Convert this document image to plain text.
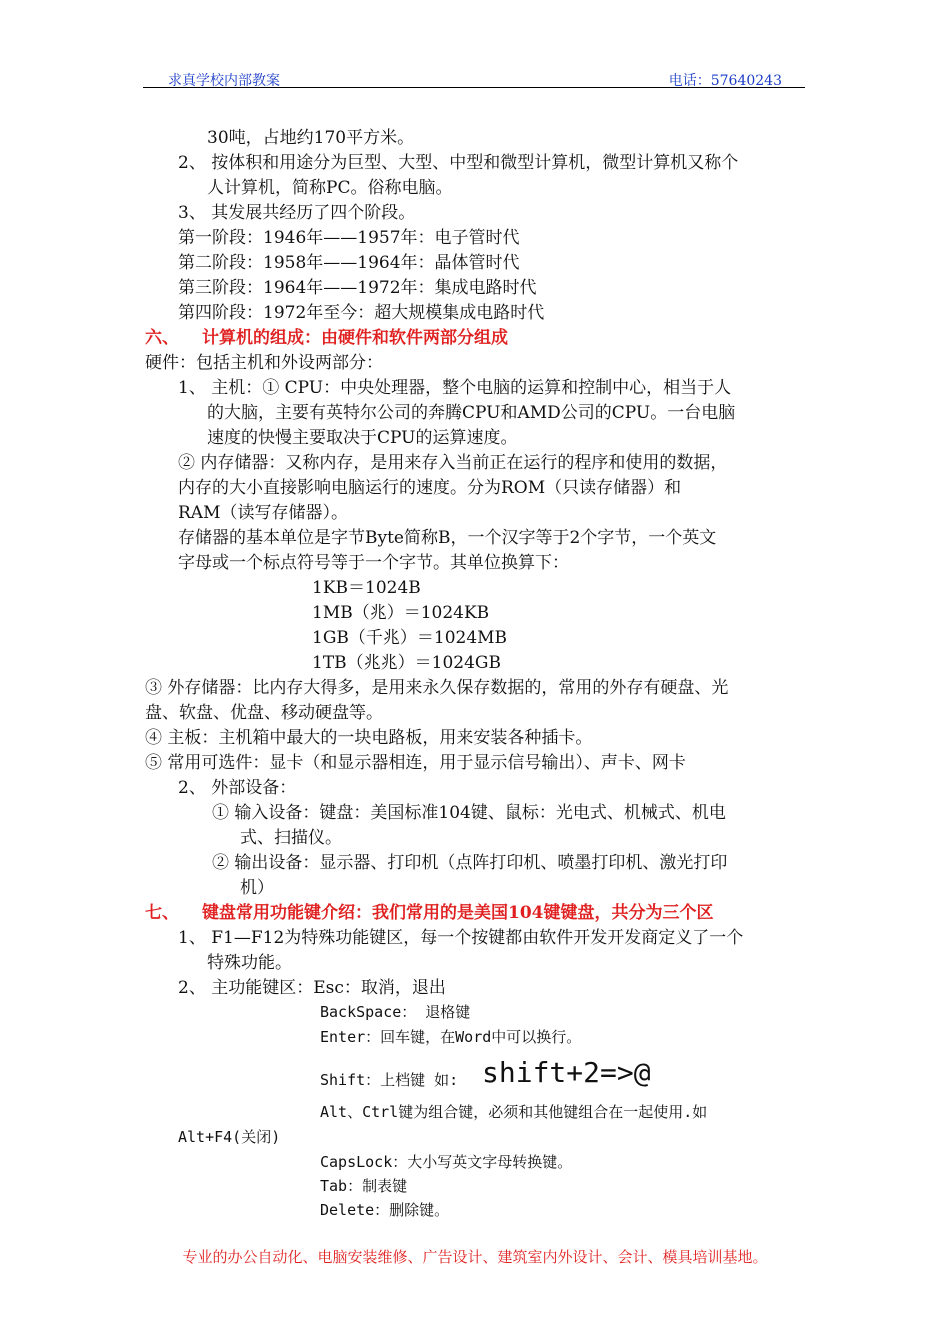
求真学校内部教案	电话：57640243
30吨，占地约170平方米。
2、 按体积和用途分为巨型、大型、中型和微型计算机，微型计算机又称个
人计算机，简称PC。俗称电脑。
3、 其发展共经历了四个阶段。
第一阶段：1946年——1957年：电子管时代
第二阶段：1958年——1964年：晶体管时代
第三阶段：1964年——1972年：集成电路时代
第四阶段：1972年至今：超大规模集成电路时代
六、 计算机的组成：由硬件和软件两部分组成
硬件：包括主机和外设两部分：
1、 主机：① CPU：中央处理器，整个电脑的运算和控制中心，相当于人
的大脑，主要有英特尔公司的奔腾CPU和AMD公司的CPU。一台电脑
速度的快慢主要取决于CPU的运算速度。
② 内存储器：又称内存，是用来存入当前正在运行的程序和使用的数据，
内存的大小直接影响电脑运行的速度。分为ROM（只读存储器）和
RAM（读写存储器）。
存储器的基本单位是字节Byte简称B，一个汉字等于2个字节，一个英文
字母或一个标点符号等于一个字节。其单位换算下：
1KB＝1024B
1MB（兆）＝1024KB
1GB（千兆）＝1024MB
1TB（兆兆）＝1024GB
③ 外存储器：比内存大得多，是用来永久保存数据的，常用的外存有硬盘、光
盘、软盘、优盘、移动硬盘等。
④ 主板：主机箱中最大的一块电路板，用来安装各种插卡。
⑤ 常用可选件：显卡（和显示器相连，用于显示信号输出）、声卡、网卡
2、 外部设备：
① 输入设备：键盘：美国标准104键、鼠标：光电式、机械式、机电
式、扫描仪。
② 输出设备：显示器、打印机（点阵打印机、喷墨打印机、激光打印
机）
七、 键盘常用功能键介绍：我们常用的是美国104键键盘，共分为三个区
1、 F1—F12为特殊功能键区，每一个按键都由软件开发开发商定义了一个
特殊功能。
2、 主功能键区：Esc：取消，退出
BackSpace： 退格键
Enter：回车键，在Word中可以换行。
Shift：上档键 如: shift+2=>@
Alt、Ctrl键为组合键，必须和其他键组合在一起使用.如
Alt+F4(关闭)
CapsLock：大小写英文字母转换键。
Tab：制表键
Delete：删除键。
专业的办公自动化、电脑安装维修、广告设计、建筑室内外设计、会计、模具培训基地。
